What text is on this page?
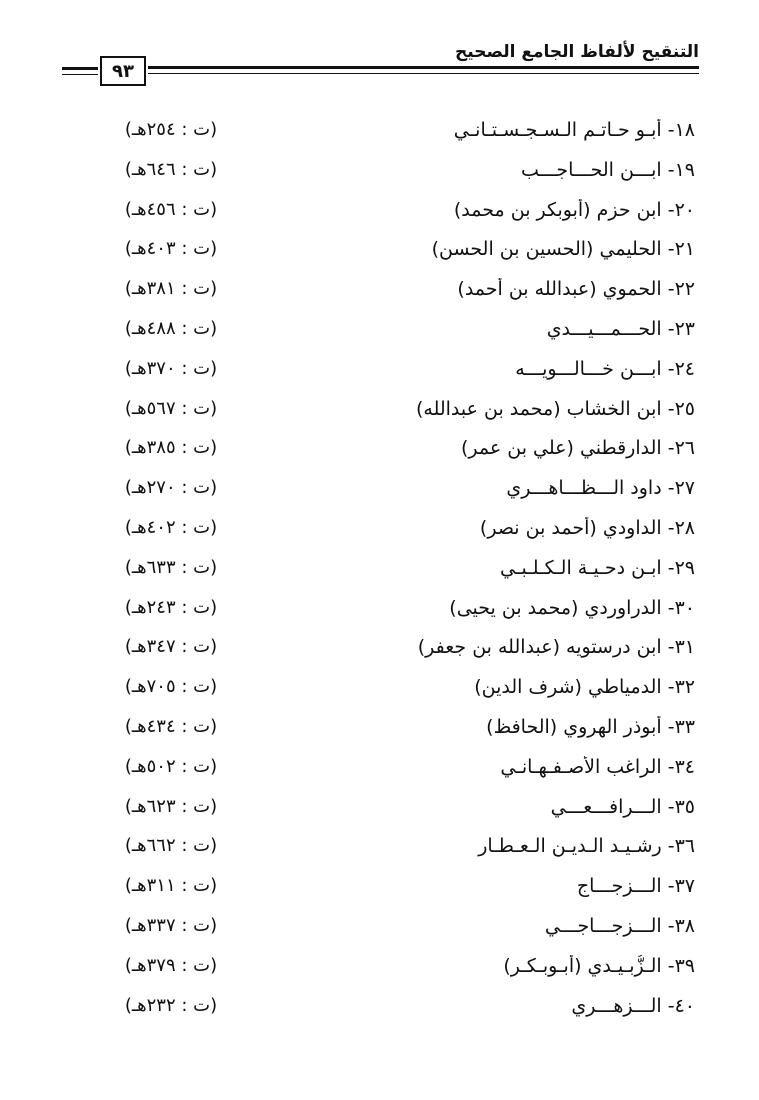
التنقيح لألفاظ الجامع الصحيح
٩٣
١٨- أبـو حـاتـم الـسـجـسـتـانـي
(ت : ٢٥٤هـ)
١٩- ابـــن الحـــاجـــب
(ت : ٦٤٦هـ)
٢٠- ابن حزم (أبوبكر بن محمد)
(ت : ٤٥٦هـ)
٢١- الحليمي (الحسين بن الحسن)
(ت : ٤٠٣هـ)
٢٢- الحموي (عبدالله بن أحمد)
(ت : ٣٨١هـ)
٢٣- الحـــمـــيـــدي
(ت : ٤٨٨هـ)
٢٤- ابـــن خـــالـــويـــه
(ت : ٣٧٠هـ)
٢٥- ابن الخشاب (محمد بن عبدالله)
(ت : ٥٦٧هـ)
٢٦- الدارقطني (علي بن عمر)
(ت : ٣٨٥هـ)
٢٧- داود الـــظـــاهـــري
(ت : ٢٧٠هـ)
٢٨- الداودي (أحمد بن نصر)
(ت : ٤٠٢هـ)
٢٩- ابـن دحـيـة الـكـلـبـي
(ت : ٦٣٣هـ)
٣٠- الدراوردي (محمد بن يحيى)
(ت : ٢٤٣هـ)
٣١- ابن درستويه (عبدالله بن جعفر)
(ت : ٣٤٧هـ)
٣٢- الدمياطي (شرف الدين)
(ت : ٧٠٥هـ)
٣٣- أبوذر الهروي (الحافظ)
(ت : ٤٣٤هـ)
٣٤- الراغب الأصـفـهـانـي
(ت : ٥٠٢هـ)
٣٥- الـــرافـــعـــي
(ت : ٦٢٣هـ)
٣٦- رشـيـد الـديـن الـعـطـار
(ت : ٦٦٢هـ)
٣٧- الـــزجـــاج
(ت : ٣١١هـ)
٣٨- الـــزجـــاجـــي
(ت : ٣٣٧هـ)
٣٩- الـزُّبـيـدي (أبـوبـكـر)
(ت : ٣٧٩هـ)
٤٠- الـــزهـــري
(ت : ٢٣٢هـ)
